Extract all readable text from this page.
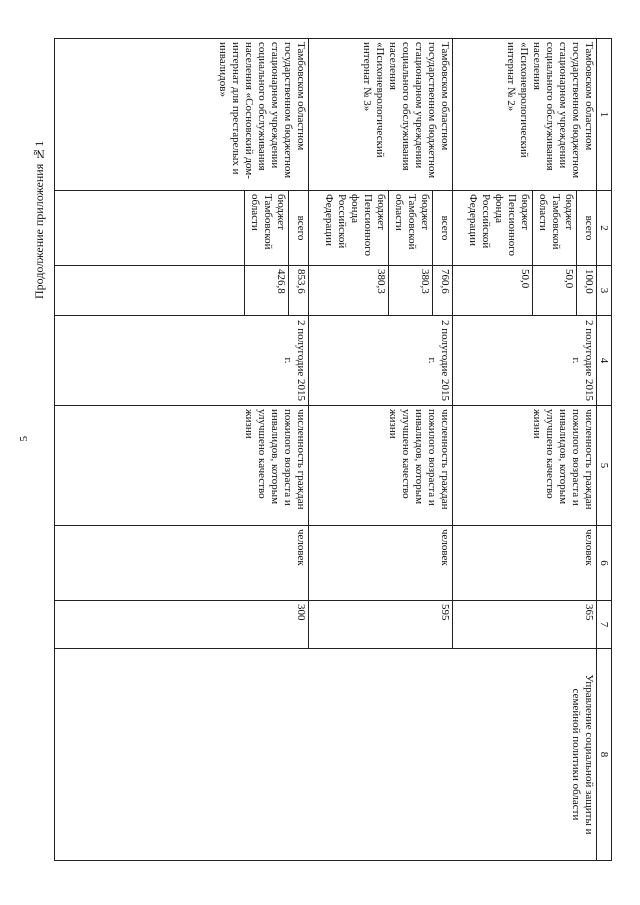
5
Продолжение приложения №1
1	2	3	4	5	6	7	8
Тамбовском областном государственном бюджетном стационарном учреждении социального обслуживания населения «Психоневрологический интернат № 2»	всего	100,0	2 полугодие 2015 г.	численность граждан пожилого возраста и инвалидов, которым улучшено качество жизни	человек	365	Управление социальной защиты и семейной политики области
	бюджет Тамбовской области	50,0					
	бюджет Пенсионного фонда Российской Федерации	50,0					
Тамбовском областном государственном бюджетном стационарном учреждении социального обслуживания населения «Психоневрологический интернат № 3»	всего	760,6	2 полугодие 2015 г.	численность граждан пожилого возраста и инвалидов, которым улучшено качество жизни	человек	595	
	бюджет Тамбовской области	380,3					
	бюджет Пенсионного фонда Российской Федерации	380,3					
Тамбовском областном государственном бюджетном стационарном учреждении социального обслуживания населения «Сосновский дом-интернат для престарелых и инвалидов»	всего	853,6	2 полугодие 2015 г.	численность граждан пожилого возраста и инвалидов, которым улучшено качество жизни	человек	300	
	бюджет Тамбовской области	426,8					
